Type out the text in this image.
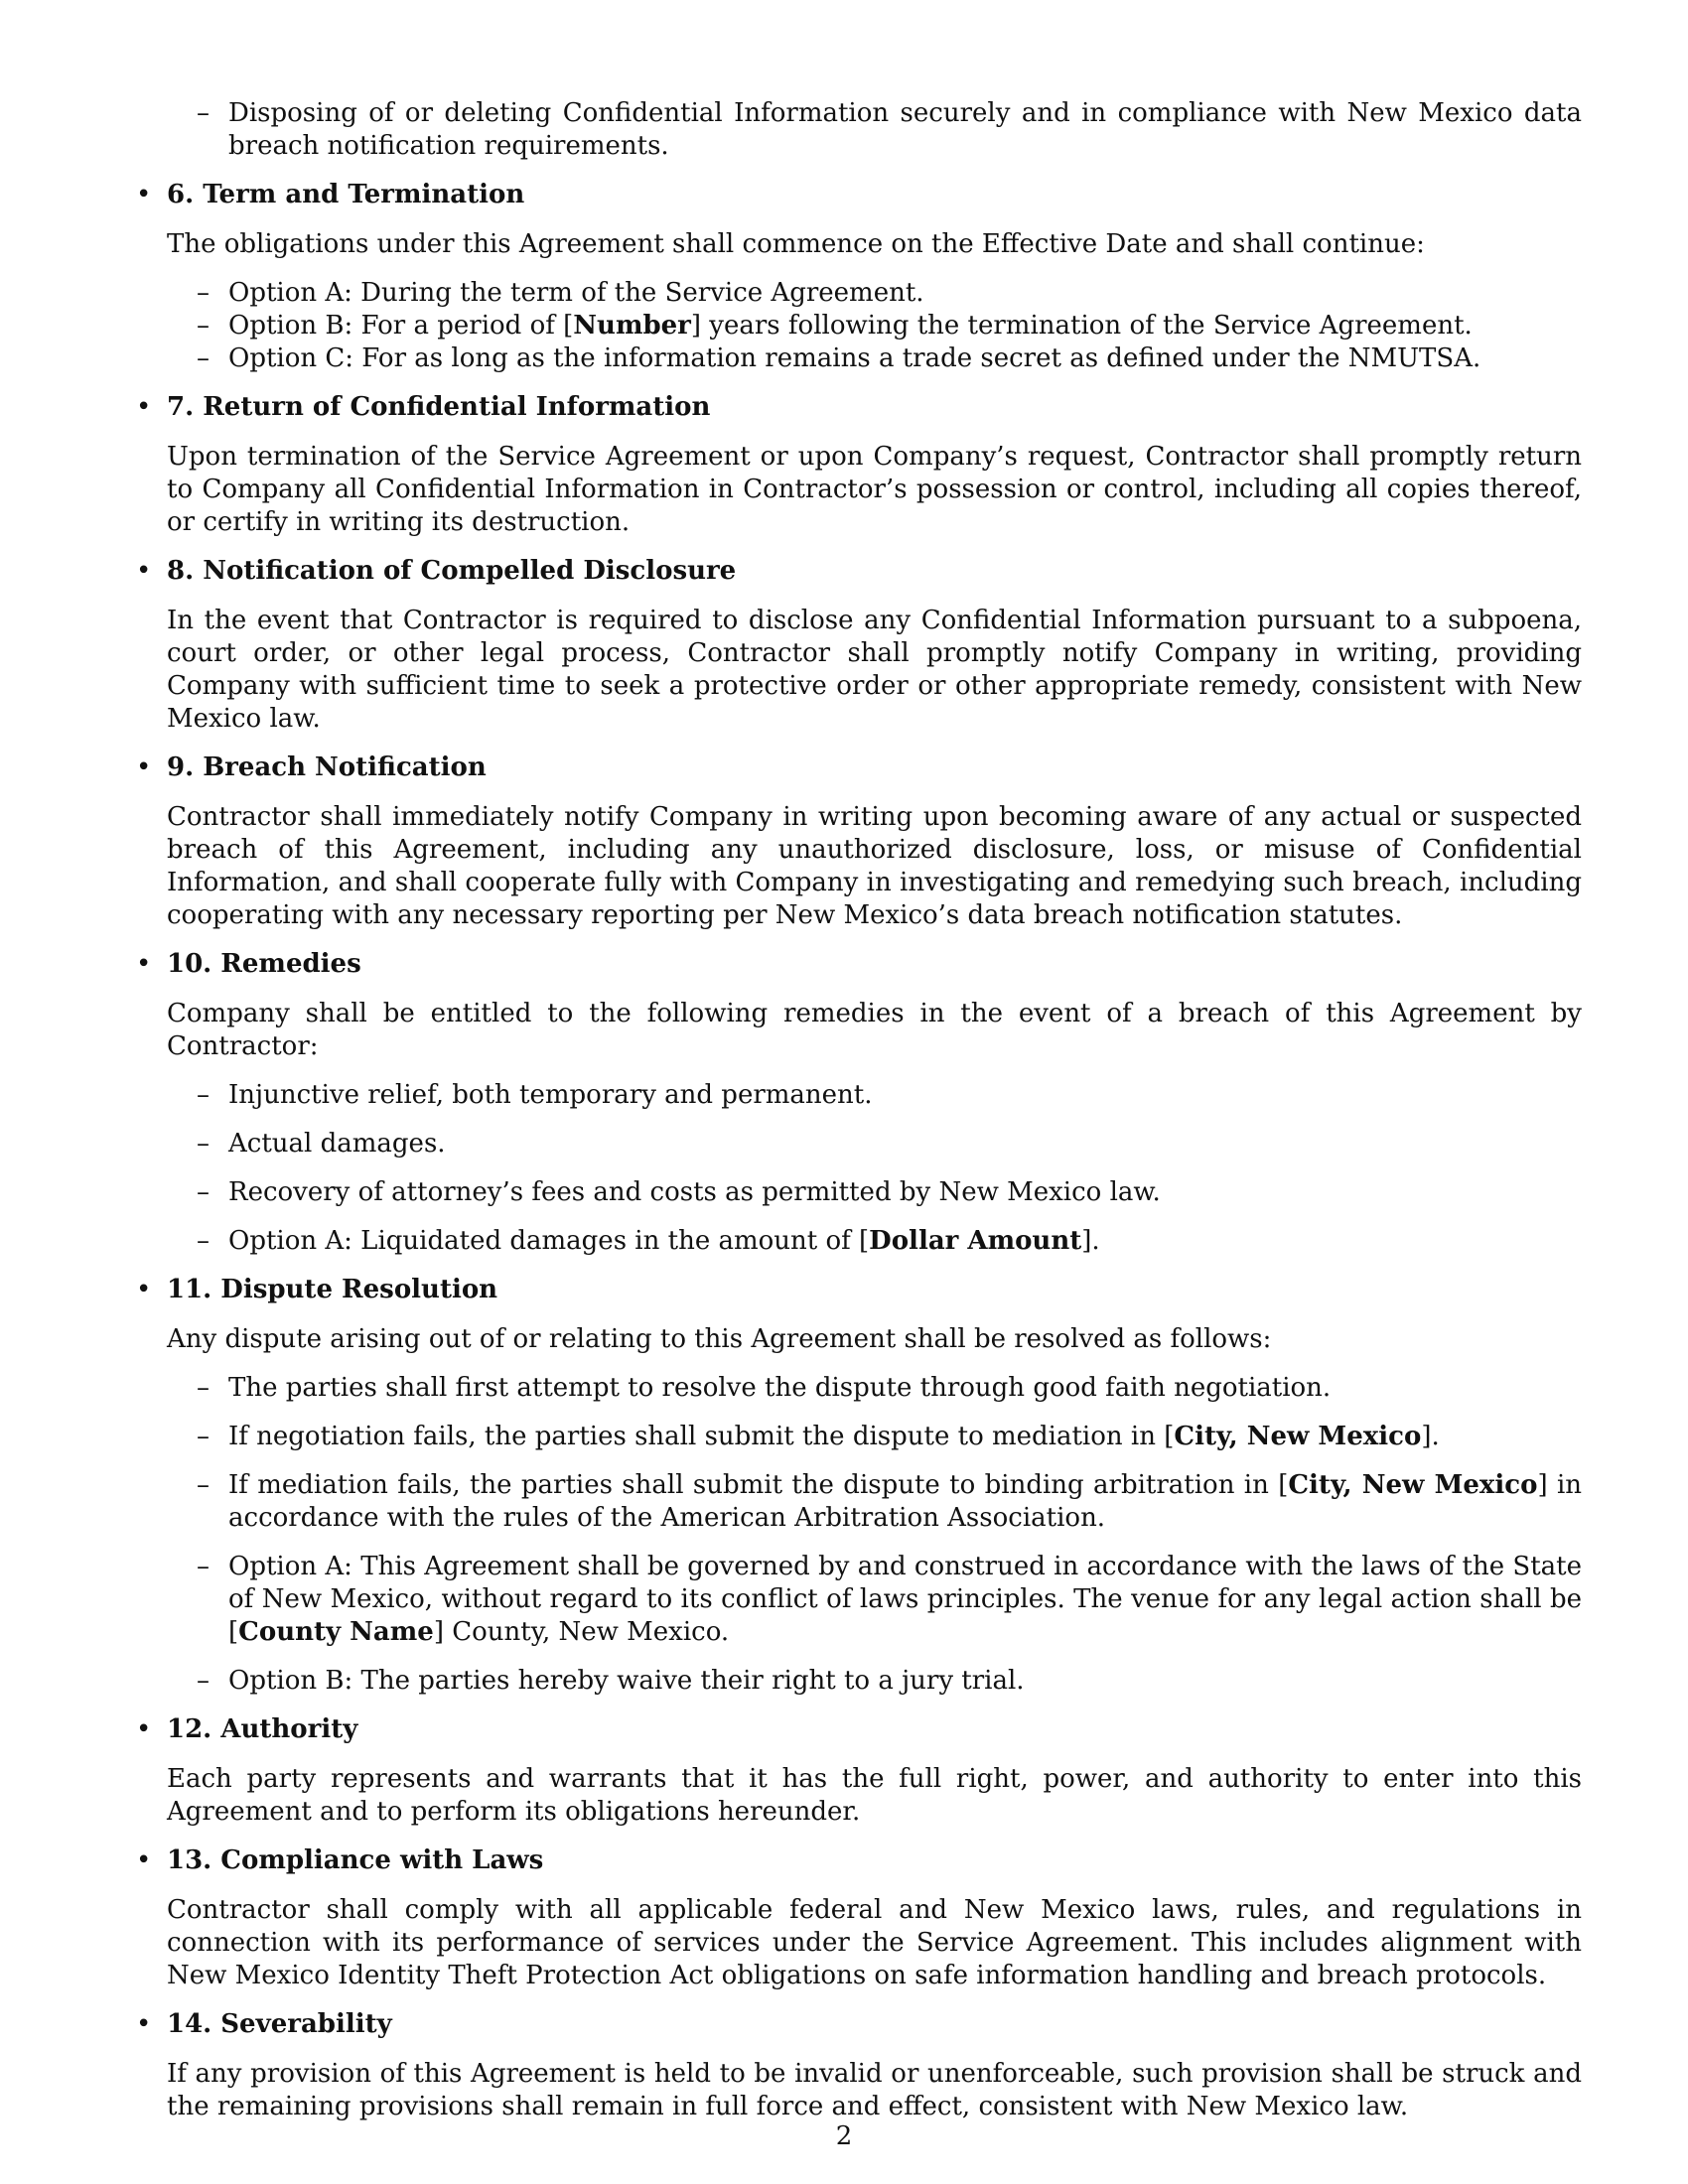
– Disposing of or deleting Confidential Information securely and in compliance with New Mexico data breach notification requirements.
• 6. Term and Termination
The obligations under this Agreement shall commence on the Effective Date and shall continue:
– Option A: During the term of the Service Agreement.
– Option B: For a period of [Number] years following the termination of the Service Agreement.
– Option C: For as long as the information remains a trade secret as defined under the NMUTSA.
• 7. Return of Confidential Information
Upon termination of the Service Agreement or upon Company’s request, Contractor shall promptly return to Company all Confidential Information in Contractor’s possession or control, including all copies thereof, or certify in writing its destruction.
• 8. Notification of Compelled Disclosure
In the event that Contractor is required to disclose any Confidential Information pursuant to a subpoena, court order, or other legal process, Contractor shall promptly notify Company in writing, providing Company with sufficient time to seek a protective order or other appropriate remedy, consistent with New Mexico law.
• 9. Breach Notification
Contractor shall immediately notify Company in writing upon becoming aware of any actual or suspected breach of this Agreement, including any unauthorized disclosure, loss, or misuse of Confidential Information, and shall cooperate fully with Company in investigating and remedying such breach, including cooperating with any necessary reporting per New Mexico’s data breach notification statutes.
• 10. Remedies
Company shall be entitled to the following remedies in the event of a breach of this Agreement by Contractor:
– Injunctive relief, both temporary and permanent.
– Actual damages.
– Recovery of attorney’s fees and costs as permitted by New Mexico law.
– Option A: Liquidated damages in the amount of [Dollar Amount].
• 11. Dispute Resolution
Any dispute arising out of or relating to this Agreement shall be resolved as follows:
– The parties shall first attempt to resolve the dispute through good faith negotiation.
– If negotiation fails, the parties shall submit the dispute to mediation in [City, New Mexico].
– If mediation fails, the parties shall submit the dispute to binding arbitration in [City, New Mexico] in accordance with the rules of the American Arbitration Association.
– Option A: This Agreement shall be governed by and construed in accordance with the laws of the State of New Mexico, without regard to its conflict of laws principles. The venue for any legal action shall be [County Name] County, New Mexico.
– Option B: The parties hereby waive their right to a jury trial.
• 12. Authority
Each party represents and warrants that it has the full right, power, and authority to enter into this Agreement and to perform its obligations hereunder.
• 13. Compliance with Laws
Contractor shall comply with all applicable federal and New Mexico laws, rules, and regulations in connection with its performance of services under the Service Agreement. This includes alignment with New Mexico Identity Theft Protection Act obligations on safe information handling and breach protocols.
• 14. Severability
If any provision of this Agreement is held to be invalid or unenforceable, such provision shall be struck and the remaining provisions shall remain in full force and effect, consistent with New Mexico law.
2
